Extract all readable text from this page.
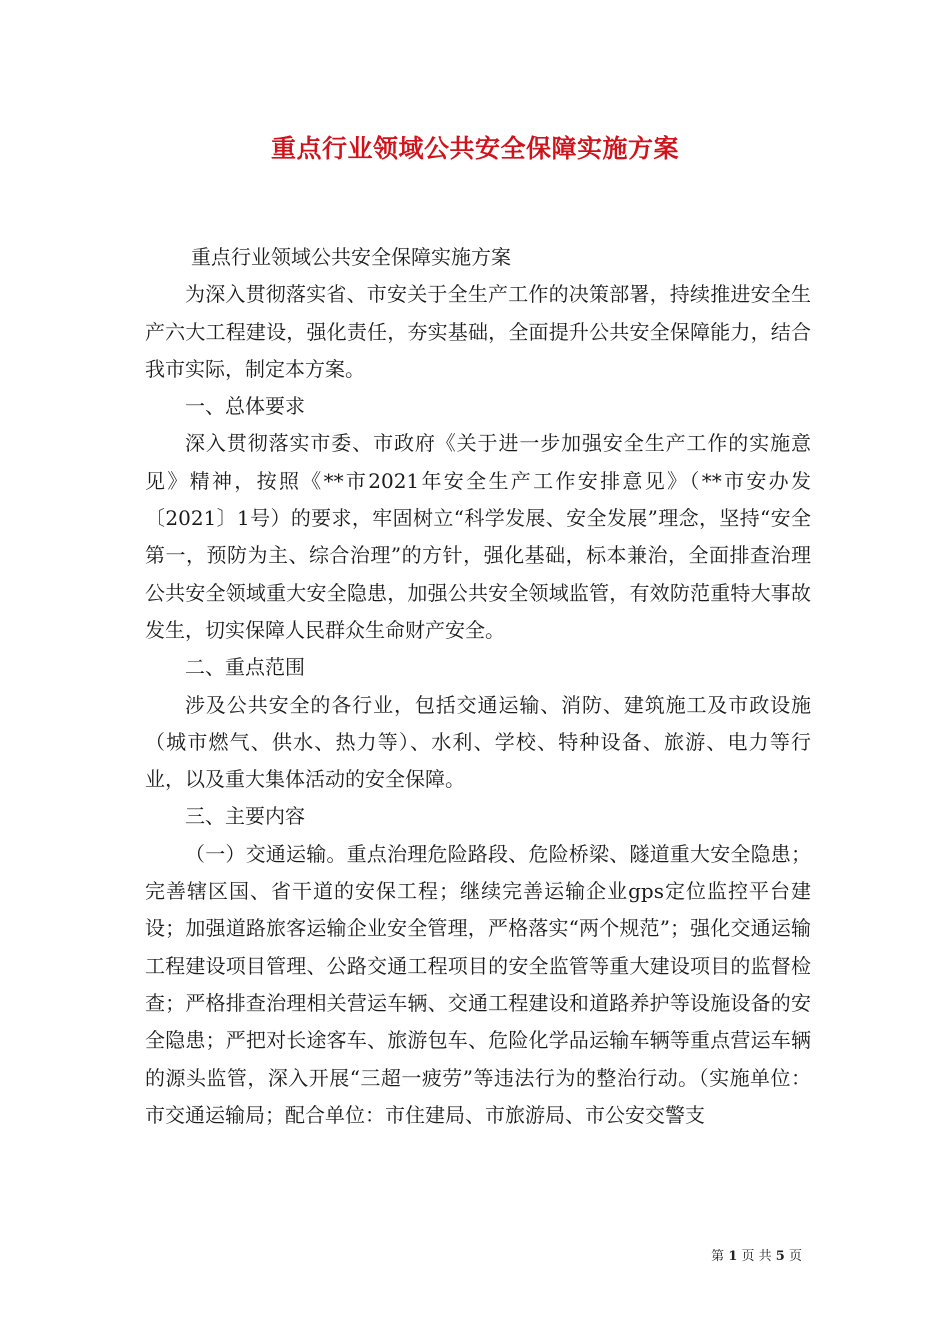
重点行业领域公共安全保障实施方案

重点行业领域公共安全保障实施方案

为深入贯彻落实省、市安关于全生产工作的决策部署，持续推进安全生产六大工程建设，强化责任，夯实基础，全面提升公共安全保障能力，结合我市实际，制定本方案。

一、总体要求

深入贯彻落实市委、市政府《关于进一步加强安全生产工作的实施意见》精神，按照《**市2021年安全生产工作安排意见》（**市安办发〔2021〕1号）的要求，牢固树立“科学发展、安全发展”理念，坚持“安全第一，预防为主、综合治理”的方针，强化基础，标本兼治，全面排查治理公共安全领域重大安全隐患，加强公共安全领域监管，有效防范重特大事故发生，切实保障人民群众生命财产安全。

二、重点范围

涉及公共安全的各行业，包括交通运输、消防、建筑施工及市政设施（城市燃气、供水、热力等）、水利、学校、特种设备、旅游、电力等行业，以及重大集体活动的安全保障。

三、主要内容

（一）交通运输。重点治理危险路段、危险桥梁、隧道重大安全隐患；完善辖区国、省干道的安保工程；继续完善运输企业gps定位监控平台建设；加强道路旅客运输企业安全管理，严格落实“两个规范”；强化交通运输工程建设项目管理、公路交通工程项目的安全监管等重大建设项目的监督检查；严格排查治理相关营运车辆、交通工程建设和道路养护等设施设备的安全隐患；严把对长途客车、旅游包车、危险化学品运输车辆等重点营运车辆的源头监管，深入开展“三超一疲劳”等违法行为的整治行动。（实施单位：市交通运输局；配合单位：市住建局、市旅游局、市公安交警支

第 1 页 共 5 页
